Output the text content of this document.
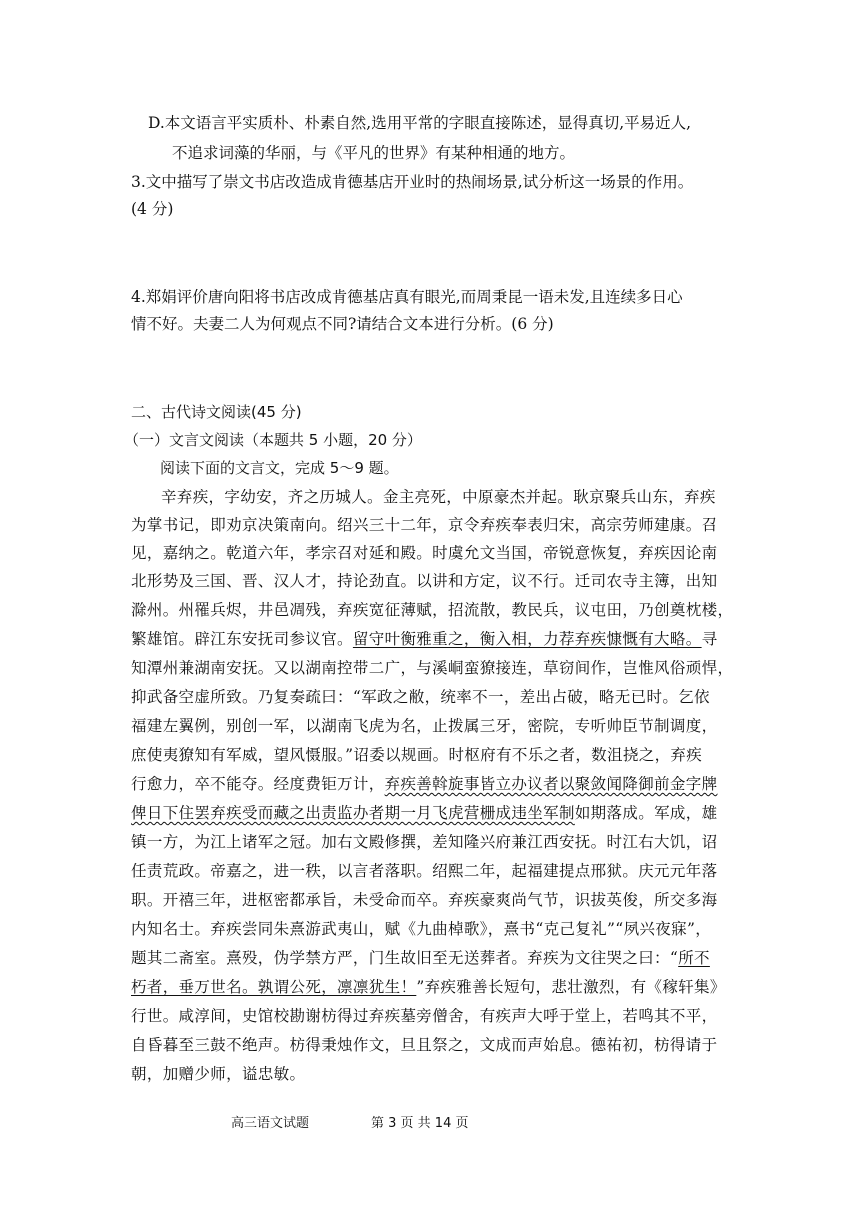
D.本文语言平实质朴、朴素自然,选用平常的字眼直接陈述，显得真切,平易近人,
不追求词藻的华丽，与《平凡的世界》有某种相通的地方。
3.文中描写了崇文书店改造成肯德基店开业时的热闹场景,试分析这一场景的作用。
(4 分)
4.郑娟评价唐向阳将书店改成肯德基店真有眼光,而周秉昆一语未发,且连续多日心
情不好。夫妻二人为何观点不同?请结合文本进行分析。(6 分)
二、古代诗文阅读(45 分)
（一）文言文阅读（本题共 5 小题，20 分）
阅读下面的文言文，完成 5～9 题。
辛弃疾，字幼安，齐之历城人。金主亮死，中原豪杰并起。耿京聚兵山东，弃疾
为掌书记，即劝京决策南向。绍兴三十二年，京令弃疾奉表归宋，高宗劳师建康。召
见，嘉纳之。乾道六年，孝宗召对延和殿。时虞允文当国，帝锐意恢复，弃疾因论南
北形势及三国、晋、汉人才，持论劲直。以讲和方定，议不行。迁司农寺主簿，出知
滁州。州罹兵烬，井邑凋残，弃疾宽征薄赋，招流散，教民兵，议屯田，乃创奠枕楼，
繁雄馆。辟江东安抚司参议官。留守叶衡雅重之，衡入相，力荐弃疾慷慨有大略。寻
知潭州兼湖南安抚。又以湖南控带二广，与溪峒蛮獠接连，草窃间作，岂惟风俗顽悍，
抑武备空虚所致。乃复奏疏曰：“军政之敝，统率不一，差出占破，略无已时。乞依
福建左翼例，别创一军，以湖南飞虎为名，止拨属三牙，密院，专听帅臣节制调度，
庶使夷獠知有军威，望风慑服。”诏委以规画。时枢府有不乐之者，数沮挠之，弃疾
行愈力，卒不能夺。经度费钜万计，弃疾善斡旋事皆立办议者以聚敛闻降御前金字牌
俾日下住罢弃疾受而藏之出责监办者期一月飞虎营栅成违坐军制如期落成。军成，雄
镇一方，为江上诸军之冠。加右文殿修撰，差知隆兴府兼江西安抚。时江右大饥，诏
任责荒政。帝嘉之，进一秩，以言者落职。绍熙二年，起福建提点邢狱。庆元元年落
职。开禧三年，进枢密都承旨，未受命而卒。弃疾豪爽尚气节，识拔英俊，所交多海
内知名士。弃疾尝同朱熹游武夷山，赋《九曲棹歌》，熹书“克己复礼”“夙兴夜寐”，
题其二斋室。熹殁，伪学禁方严，门生故旧至无送葬者。弃疾为文往哭之曰：“所不
朽者，垂万世名。孰谓公死，凛凛犹生！”弃疾雅善长短句，悲壮激烈，有《稼轩集》
行世。咸淳间，史馆校勘谢枋得过弃疾墓旁僧舍，有疾声大呼于堂上，若鸣其不平，
自昏暮至三鼓不绝声。枋得秉烛作文，旦且祭之，文成而声始息。德祐初，枋得请于
朝，加赠少师，谥忠敏。
高三语文试题	第 3 页 共 14 页
